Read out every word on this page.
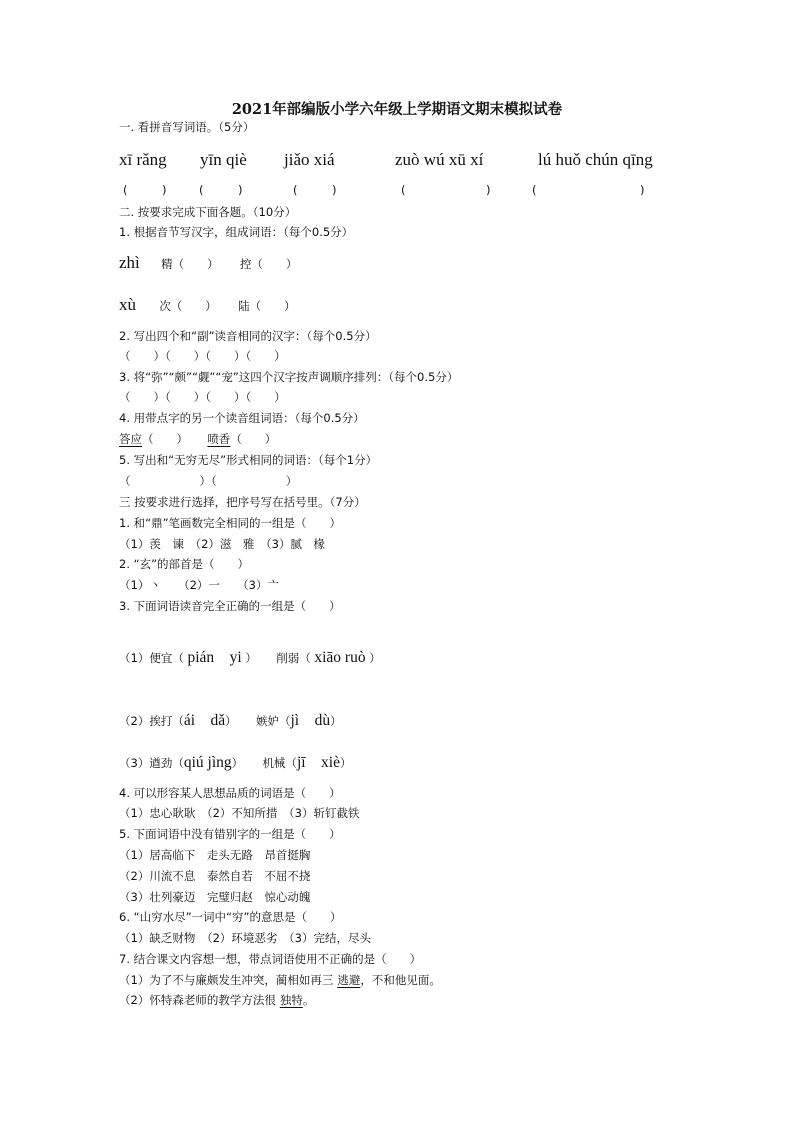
2021年部编版小学六年级上学期语文期末模拟试卷
一. 看拼音写词语。（5分）
xī rǎng yīn qiè jiǎo xiá	zuò wú xū xí	lú huǒ chún qīng
(　　　)	(　　　)	(　　　)	(　　　　　　　)	(　　　　　　　　　)
二. 按要求完成下面各题。（10分）
1. 根据音节写汉字，组成词语：（每个0.5分）
zhì 精（　　） 控（　　）
xù 次（　　） 陆（　　）
2. 写出四个和“副”读音相同的汉字：（每个0.5分）
（　　）（　　）（　　）（　　）
3. 将“弥”“颇”“觑”“宠”这四个汉字按声调顺序排列：（每个0.5分）
（　　）（　　）（　　）（　　）
4. 用带点字的另一个读音组词语：（每个0.5分）
答应（　　） 喷香（　　）
5. 写出和“无穷无尽”形式相同的词语：（每个1分）
（　　　　　　）（　　　　　　）
三 按要求进行选择，把序号写在括号里。（7分）
1. 和“鼎”笔画数完全相同的一组是（　　）
（1）羡　谏　（2）滋　雅　（3）腻　椽
2. “玄”的部首是（　　）
（1）丶　　（2）一　　（3）亠
3. 下面词语读音完全正确的一组是（　　）
（1）便宜（ pián　yi ） 削弱（ xiāo ruò ）
（2）挨打（ái　dǎ） 嫉妒（jì　dù）
（3）遒劲（qiú jìng） 机械（jī　xiè）
4. 可以形容某人思想品质的词语是（　　）
（1）忠心耿耿　（2）不知所措　（3）斩钉截铁
5. 下面词语中没有错别字的一组是（　　）
（1）居高临下　走头无路　昂首挺胸
（2）川流不息　泰然自若　不屈不挠
（3）壮列豪迈　完璧归赵　惊心动魄
6. “山穷水尽”一词中“穷”的意思是（　　）
（1）缺乏财物　（2）环境恶劣　（3）完结，尽头
7. 结合课文内容想一想，带点词语使用不正确的是（　　）
（1）为了不与廉颇发生冲突，蔺相如再三 逃避，不和他见面。
（2）怀特森老师的教学方法很 独特。
